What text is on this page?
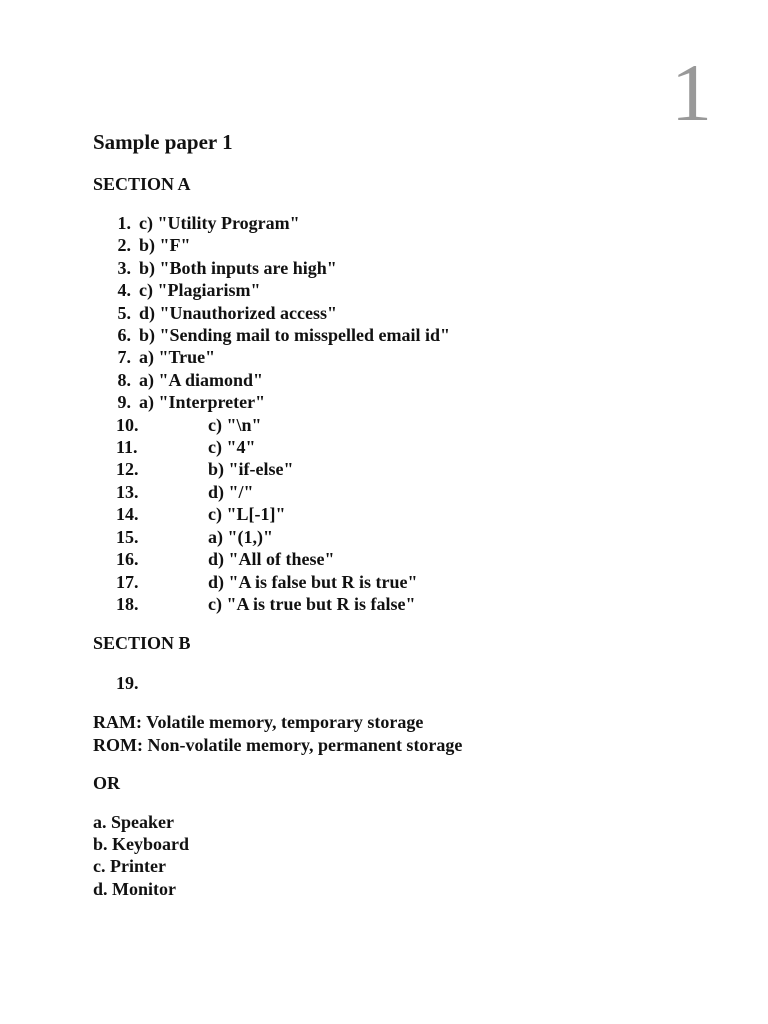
1
Sample paper 1
SECTION A
1. c) "Utility Program"
2. b) "F"
3. b) "Both inputs are high"
4. c) "Plagiarism"
5. d) "Unauthorized access"
6. b) "Sending mail to misspelled email id"
7. a) "True"
8. a) "A diamond"
9. a) "Interpreter"
10.	c) "\n"
11.	c) "4"
12.	b) "if-else"
13.	d) "/"
14.	c) "L[-1]"
15.	a) "(1,)"
16.	d) "All of these"
17.	d) "A is false but R is true"
18.	c) "A is true but R is false"
SECTION B
19.
RAM: Volatile memory, temporary storage
ROM: Non-volatile memory, permanent storage
OR
a. Speaker
b. Keyboard
c. Printer
d. Monitor
